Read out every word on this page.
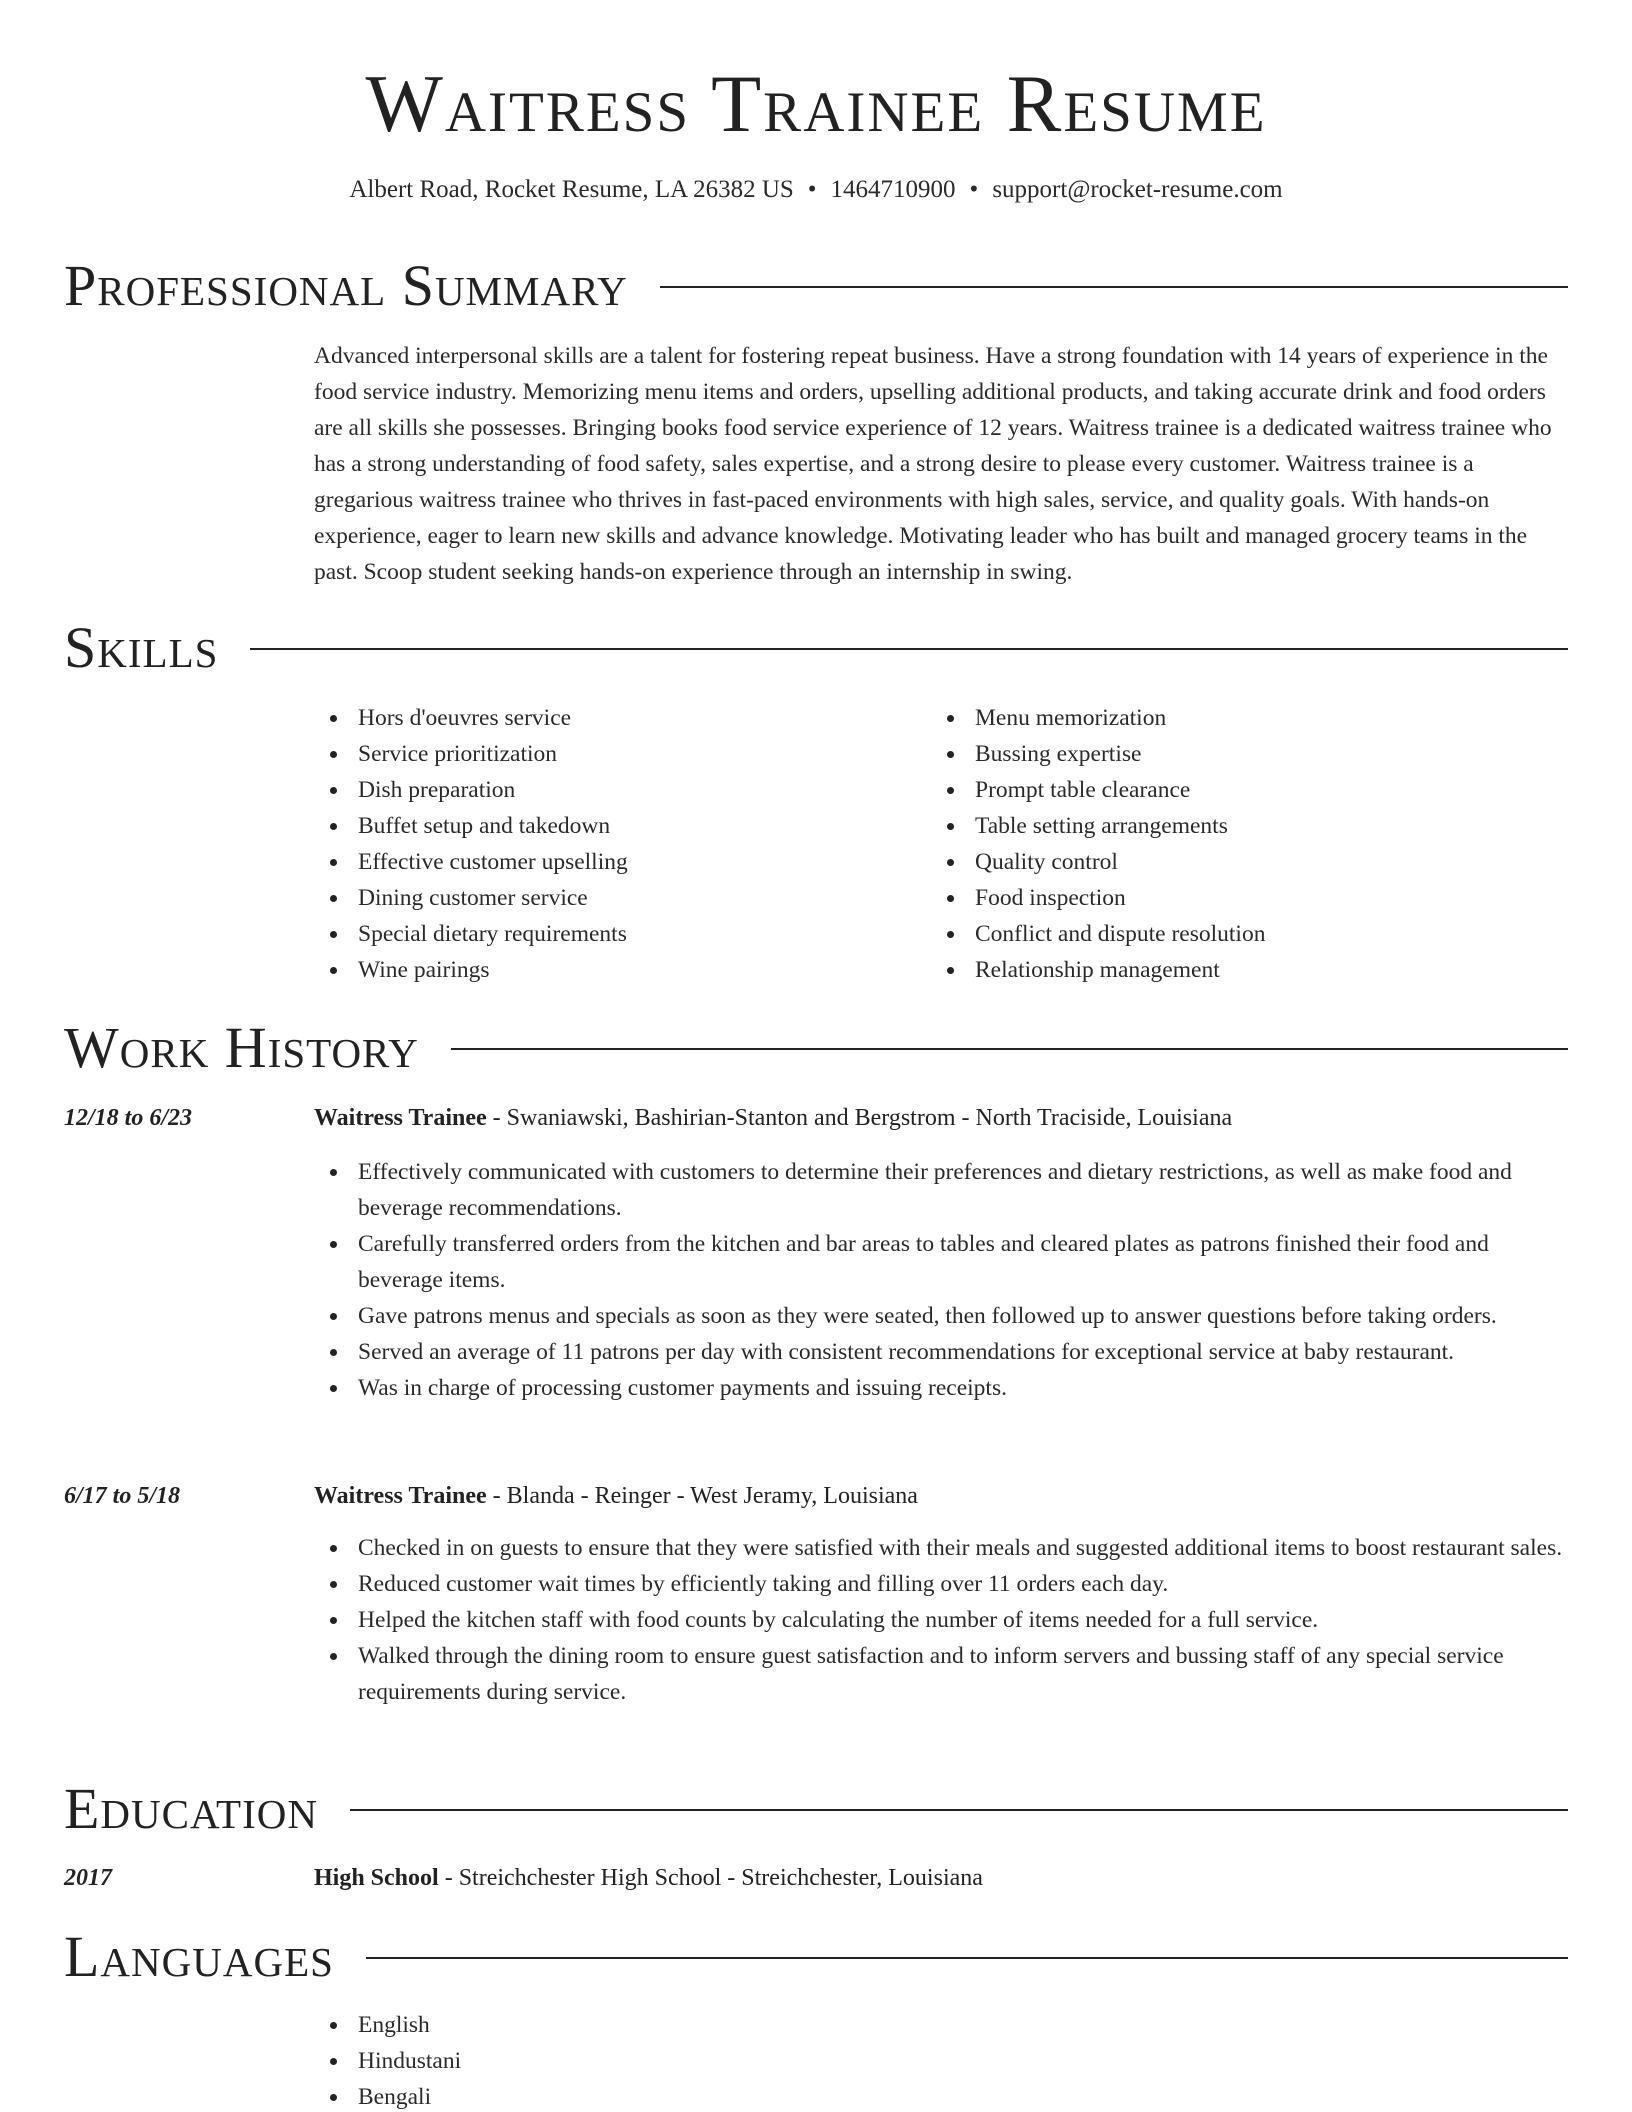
Waitress Trainee Resume
Albert Road, Rocket Resume, LA 26382 US • 1464710900 • support@rocket-resume.com
Professional Summary

Advanced interpersonal skills are a talent for fostering repeat business. Have a strong foundation with 14 years of experience in the food service industry. Memorizing menu items and orders, upselling additional products, and taking accurate drink and food orders are all skills she possesses. Bringing books food service experience of 12 years. Waitress trainee is a dedicated waitress trainee who has a strong understanding of food safety, sales expertise, and a strong desire to please every customer. Waitress trainee is a gregarious waitress trainee who thrives in fast-paced environments with high sales, service, and quality goals. With hands-on experience, eager to learn new skills and advance knowledge. Motivating leader who has built and managed grocery teams in the past. Scoop student seeking hands-on experience through an internship in swing.

Skills
Hors d'oeuvres service
Service prioritization
Dish preparation
Buffet setup and takedown
Effective customer upselling
Dining customer service
Special dietary requirements
Wine pairings
Menu memorization
Bussing expertise
Prompt table clearance
Table setting arrangements
Quality control
Food inspection
Conflict and dispute resolution
Relationship management
Work History
12/18 to 6/23	Waitress Trainee - Swaniawski, Bashirian-Stanton and Bergstrom - North Traciside, Louisiana
Effectively communicated with customers to determine their preferences and dietary restrictions, as well as make food and beverage recommendations.
Carefully transferred orders from the kitchen and bar areas to tables and cleared plates as patrons finished their food and beverage items.
Gave patrons menus and specials as soon as they were seated, then followed up to answer questions before taking orders.
Served an average of 11 patrons per day with consistent recommendations for exceptional service at baby restaurant.
Was in charge of processing customer payments and issuing receipts.
6/17 to 5/18	Waitress Trainee - Blanda - Reinger - West Jeramy, Louisiana
Checked in on guests to ensure that they were satisfied with their meals and suggested additional items to boost restaurant sales.
Reduced customer wait times by efficiently taking and filling over 11 orders each day.
Helped the kitchen staff with food counts by calculating the number of items needed for a full service.
Walked through the dining room to ensure guest satisfaction and to inform servers and bussing staff of any special service requirements during service.
Education
2017	High School - Streichchester High School - Streichchester, Louisiana
Languages
English
Hindustani
Bengali
